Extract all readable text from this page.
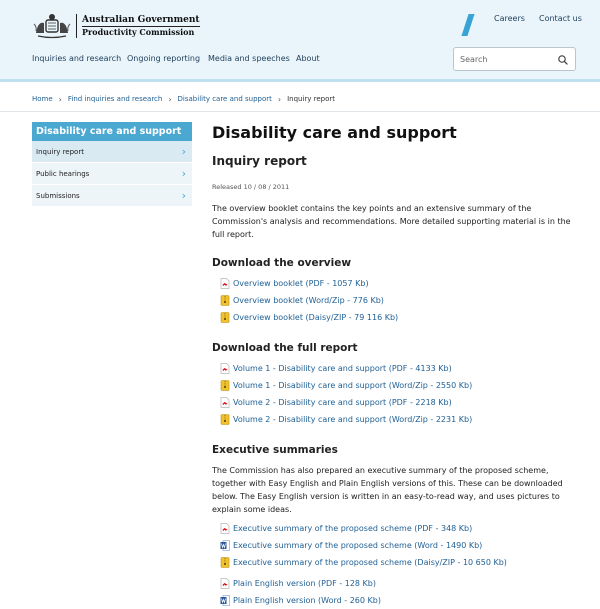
Australian Government
Productivity Commission
Careers Contact us
Inquiries and research Ongoing reporting Media and speeches About
Search
Home › Find inquiries and research › Disability care and support › Inquiry report
Disability care and support
Inquiry report	›
Public hearings	›
Submissions	›
Disability care and support
Inquiry report
Released 10 / 08 / 2011

The overview booklet contains the key points and an extensive summary of the Commission's analysis and recommendations. More detailed supporting material is in the full report.

Download the overview
Overview booklet (PDF - 1057 Kb)
Overview booklet (Word/Zip - 776 Kb)
Overview booklet (Daisy/ZIP - 79 116 Kb)
Download the full report
Volume 1 - Disability care and support (PDF - 4133 Kb)
Volume 1 - Disability care and support (Word/Zip - 2550 Kb)
Volume 2 - Disability care and support (PDF - 2218 Kb)
Volume 2 - Disability care and support (Word/Zip - 2231 Kb)
Executive summaries

The Commission has also prepared an executive summary of the proposed scheme, together with Easy English and Plain English versions of this. These can be downloaded below. The Easy English version is written in an easy-to-read way, and uses pictures to explain some ideas.

Executive summary of the proposed scheme (PDF - 348 Kb)
Executive summary of the proposed scheme (Word - 1490 Kb)
Executive summary of the proposed scheme (Daisy/ZIP - 10 650 Kb)
Plain English version (PDF - 128 Kb)
Plain English version (Word - 260 Kb)
